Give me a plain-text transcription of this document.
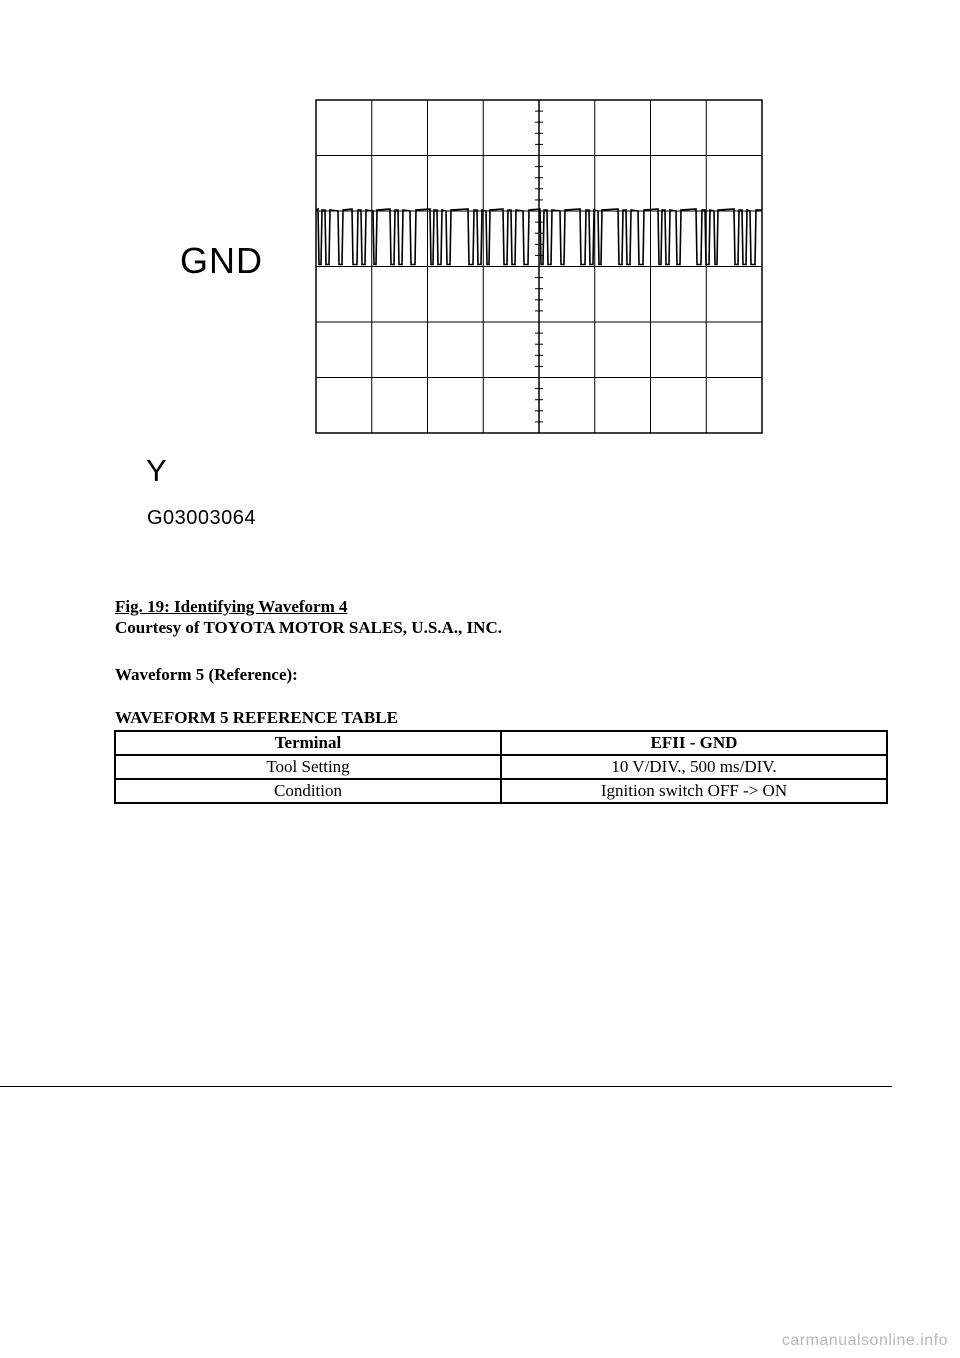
GND
Y
G03003064
Fig. 19: Identifying Waveform 4
Courtesy of TOYOTA MOTOR SALES, U.S.A., INC.
Waveform 5 (Reference):
WAVEFORM 5 REFERENCE TABLE
Terminal	EFII - GND
Tool Setting	10 V/DIV., 500 ms/DIV.
Condition	Ignition switch OFF -> ON
carmanualsonline.info
